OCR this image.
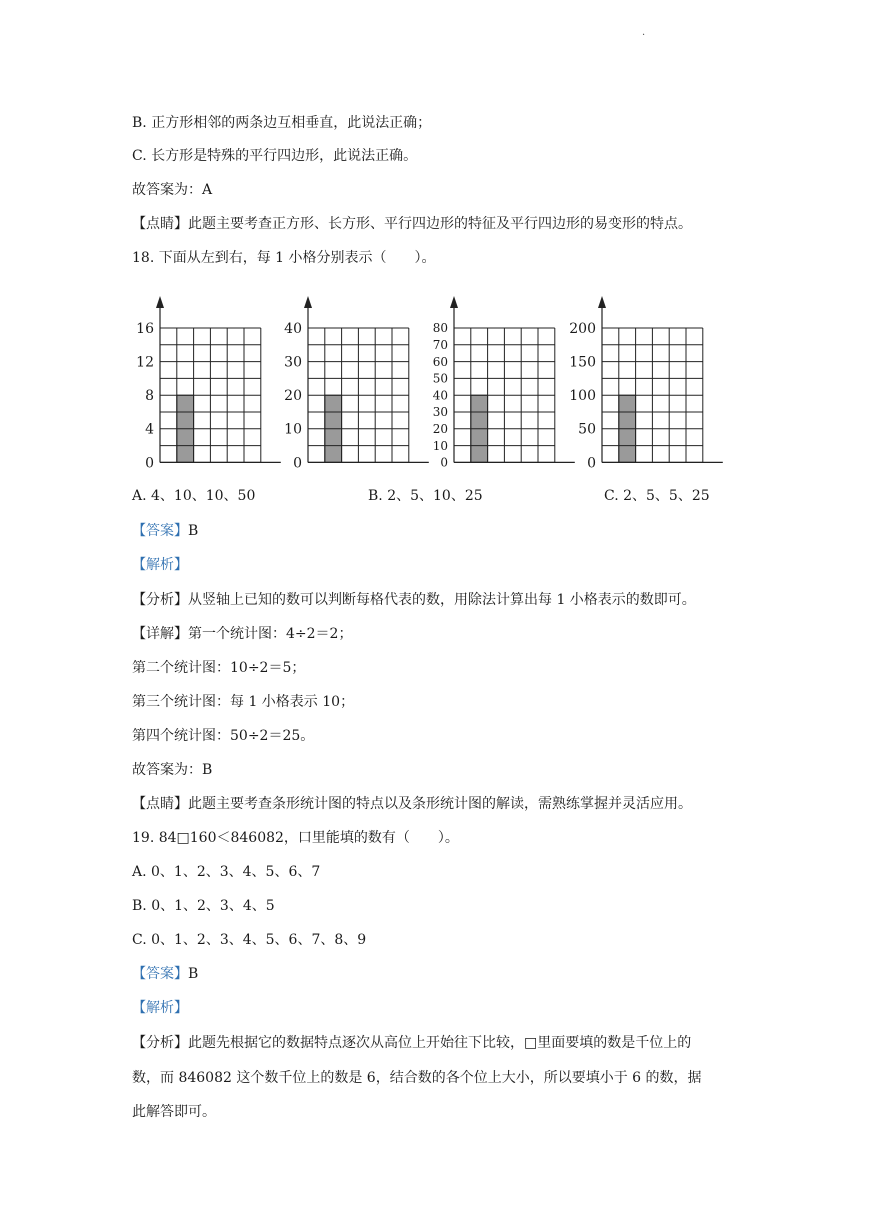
·
B. 正方形相邻的两条边互相垂直，此说法正确；
C. 长方形是特殊的平行四边形，此说法正确。
故答案为：A
【点睛】此题主要考查正方形、长方形、平行四边形的特征及平行四边形的易变形的特点。
18. 下面从左到右，每 1 小格分别表示（　　）。
0
4
8
12
16
0
10
20
30
40
0
10
20
30
40
50
60
70
80
0
50
100
150
200
A. 4、10、10、50	B. 2、5、10、25	C. 2、5、5、25
【答案】B
【解析】
【分析】从竖轴上已知的数可以判断每格代表的数，用除法计算出每 1 小格表示的数即可。
【详解】第一个统计图：4÷2＝2；
第二个统计图：10÷2＝5；
第三个统计图：每 1 小格表示 10；
第四个统计图：50÷2＝25。
故答案为：B
【点睛】此题主要考查条形统计图的特点以及条形统计图的解读，需熟练掌握并灵活应用。
19. 84□160＜846082，口里能填的数有（　　）。
A. 0、1、2、3、4、5、6、7
B. 0、1、2、3、4、5
C. 0、1、2、3、4、5、6、7、8、9
【答案】B
【解析】
【分析】此题先根据它的数据特点逐次从高位上开始往下比较，□里面要填的数是千位上的
数，而 846082 这个数千位上的数是 6，结合数的各个位上大小，所以要填小于 6 的数，据
此解答即可。
